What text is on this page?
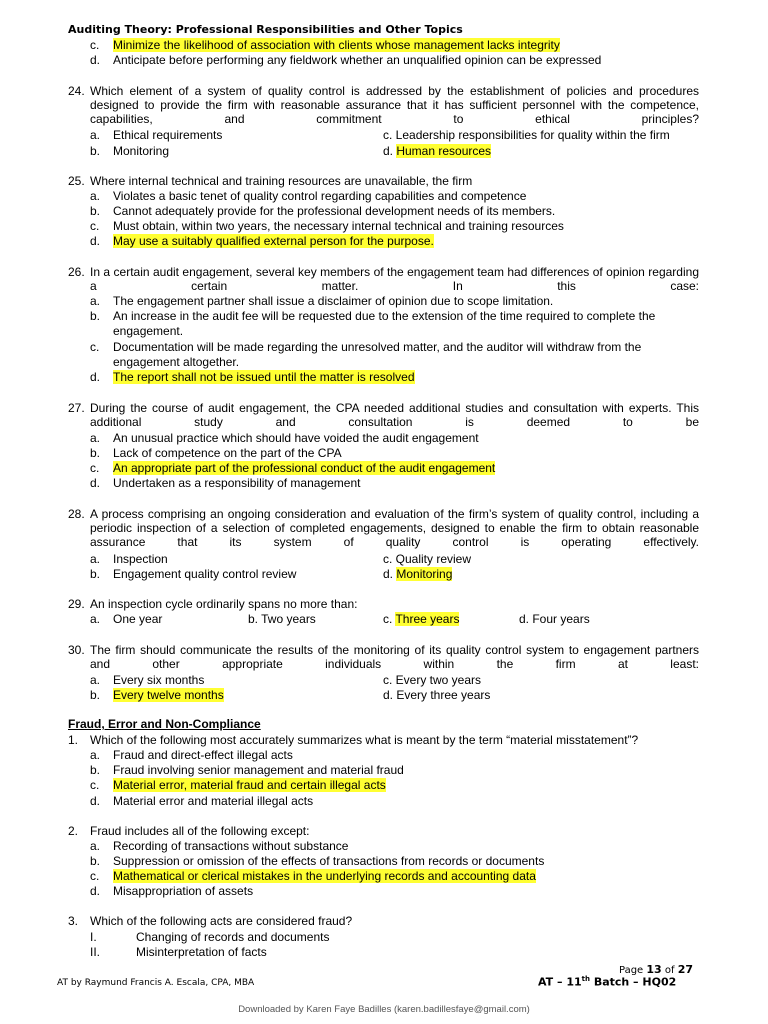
Auditing Theory: Professional Responsibilities and Other Topics
c. Minimize the likelihood of association with clients whose management lacks integrity
d. Anticipate before performing any fieldwork whether an unqualified opinion can be expressed
24. Which element of a system of quality control is addressed by the establishment of policies and procedures designed to provide the firm with reasonable assurance that it has sufficient personnel with the competence, capabilities, and commitment to ethical principles?
a. Ethical requirements	c. Leadership responsibilities for quality within the firm
b. Monitoring	d. Human resources
25. Where internal technical and training resources are unavailable, the firm
a. Violates a basic tenet of quality control regarding capabilities and competence
b. Cannot adequately provide for the professional development needs of its members.
c. Must obtain, within two years, the necessary internal technical and training resources
d. May use a suitably qualified external person for the purpose.
26. In a certain audit engagement, several key members of the engagement team had differences of opinion regarding a certain matter. In this case:
a. The engagement partner shall issue a disclaimer of opinion due to scope limitation.
b. An increase in the audit fee will be requested due to the extension of the time required to complete the
engagement.
c. Documentation will be made regarding the unresolved matter, and the auditor will withdraw from the
engagement altogether.
d. The report shall not be issued until the matter is resolved
27. During the course of audit engagement, the CPA needed additional studies and consultation with experts. This additional study and consultation is deemed to be
a. An unusual practice which should have voided the audit engagement
b. Lack of competence on the part of the CPA
c. An appropriate part of the professional conduct of the audit engagement
d. Undertaken as a responsibility of management
28. A process comprising an ongoing consideration and evaluation of the firm’s system of quality control, including a periodic inspection of a selection of completed engagements, designed to enable the firm to obtain reasonable assurance that its system of quality control is operating effectively.
a. Inspection	c. Quality review
b. Engagement quality control review	d. Monitoring
29. An inspection cycle ordinarily spans no more than:
a. One year	b. Two years	c. Three years	d. Four years
30. The firm should communicate the results of the monitoring of its quality control system to engagement partners and other appropriate individuals within the firm at least:
a. Every six months	c. Every two years
b. Every twelve months	d. Every three years
Fraud, Error and Non-Compliance
1. Which of the following most accurately summarizes what is meant by the term “material misstatement”?
a. Fraud and direct-effect illegal acts
b. Fraud involving senior management and material fraud
c. Material error, material fraud and certain illegal acts
d. Material error and material illegal acts
2. Fraud includes all of the following except:
a. Recording of transactions without substance
b. Suppression or omission of the effects of transactions from records or documents
c. Mathematical or clerical mistakes in the underlying records and accounting data
d. Misappropriation of assets
3. Which of the following acts are considered fraud?
I.	Changing of records and documents
II.	Misinterpretation of facts
Page 13 of 27
AT by Raymund Francis A. Escala, CPA, MBA	AT – 11th Batch – HQ02
Downloaded by Karen Faye Badilles (karen.badillesfaye@gmail.com)
